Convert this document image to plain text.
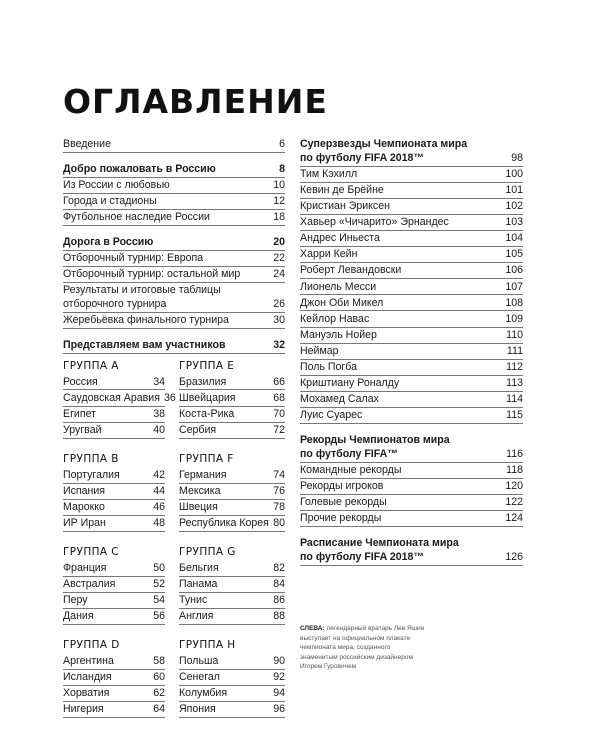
ОГЛАВЛЕНИЕ
Введение	6
Добро пожаловать в Россию	8
Из России с любовью	10
Города и стадионы	12
Футбольное наследие России	18
Дорога в Россию	20
Отборочный турнир: Европа	22
Отборочный турнир: остальной мир	24
Результаты и итоговые таблицы
отборочного турнира	26
Жеребьёвка финального турнира	30
Представляем вам участников	32
ГРУППА A
Россия	34
Саудовская Аравия 36
Египет	38
Уругвай	40
ГРУППА B
Португалия	42
Испания	44
Марокко	46
ИР Иран	48
ГРУППА C
Франция	50
Австралия	52
Перу	54
Дания	56
ГРУППА D
Аргентина	58
Исландия	60
Хорватия	62
Нигерия	64
ГРУППА E
Бразилия	66
Швейцария	68
Коста-Рика	70
Сербия	72
ГРУППА F
Германия	74
Мексика	76
Швеция	78
Республика Корея 80
ГРУППА G
Бельгия	82
Панама	84
Тунис	86
Англия	88
ГРУППА H
Польша	90
Сенегал	92
Колумбия	94
Япония	96
Суперзвезды Чемпионата мира
по футболу FIFA 2018™	98
Тим Кэхилл	100
Кевин де Брёйне	101
Кристиан Эриксен	102
Хавьер «Чичарито» Эрнандес	103
Андрес Иньеста	104
Харри Кейн	105
Роберт Левандовски	106
Лионель Месси	107
Джон Оби Микел	108
Кейлор Навас	109
Мануэль Нойер	110
Неймар	111
Поль Погба	112
Криштиану Роналду	113
Мохамед Салах	114
Луис Суарес	115
Рекорды Чемпионатов мира
по футболу FIFA™	116
Командные рекорды	118
Рекорды игроков	120
Голевые рекорды	122
Прочие рекорды	124
Расписание Чемпионата мира
по футболу FIFA 2018™	126
СЛЕВА: легендарный вратарь Лев Яшин выступает на официальном плакате чемпионата мира, созданного знаменитым российским дизайнером Игорем Гуровичем
